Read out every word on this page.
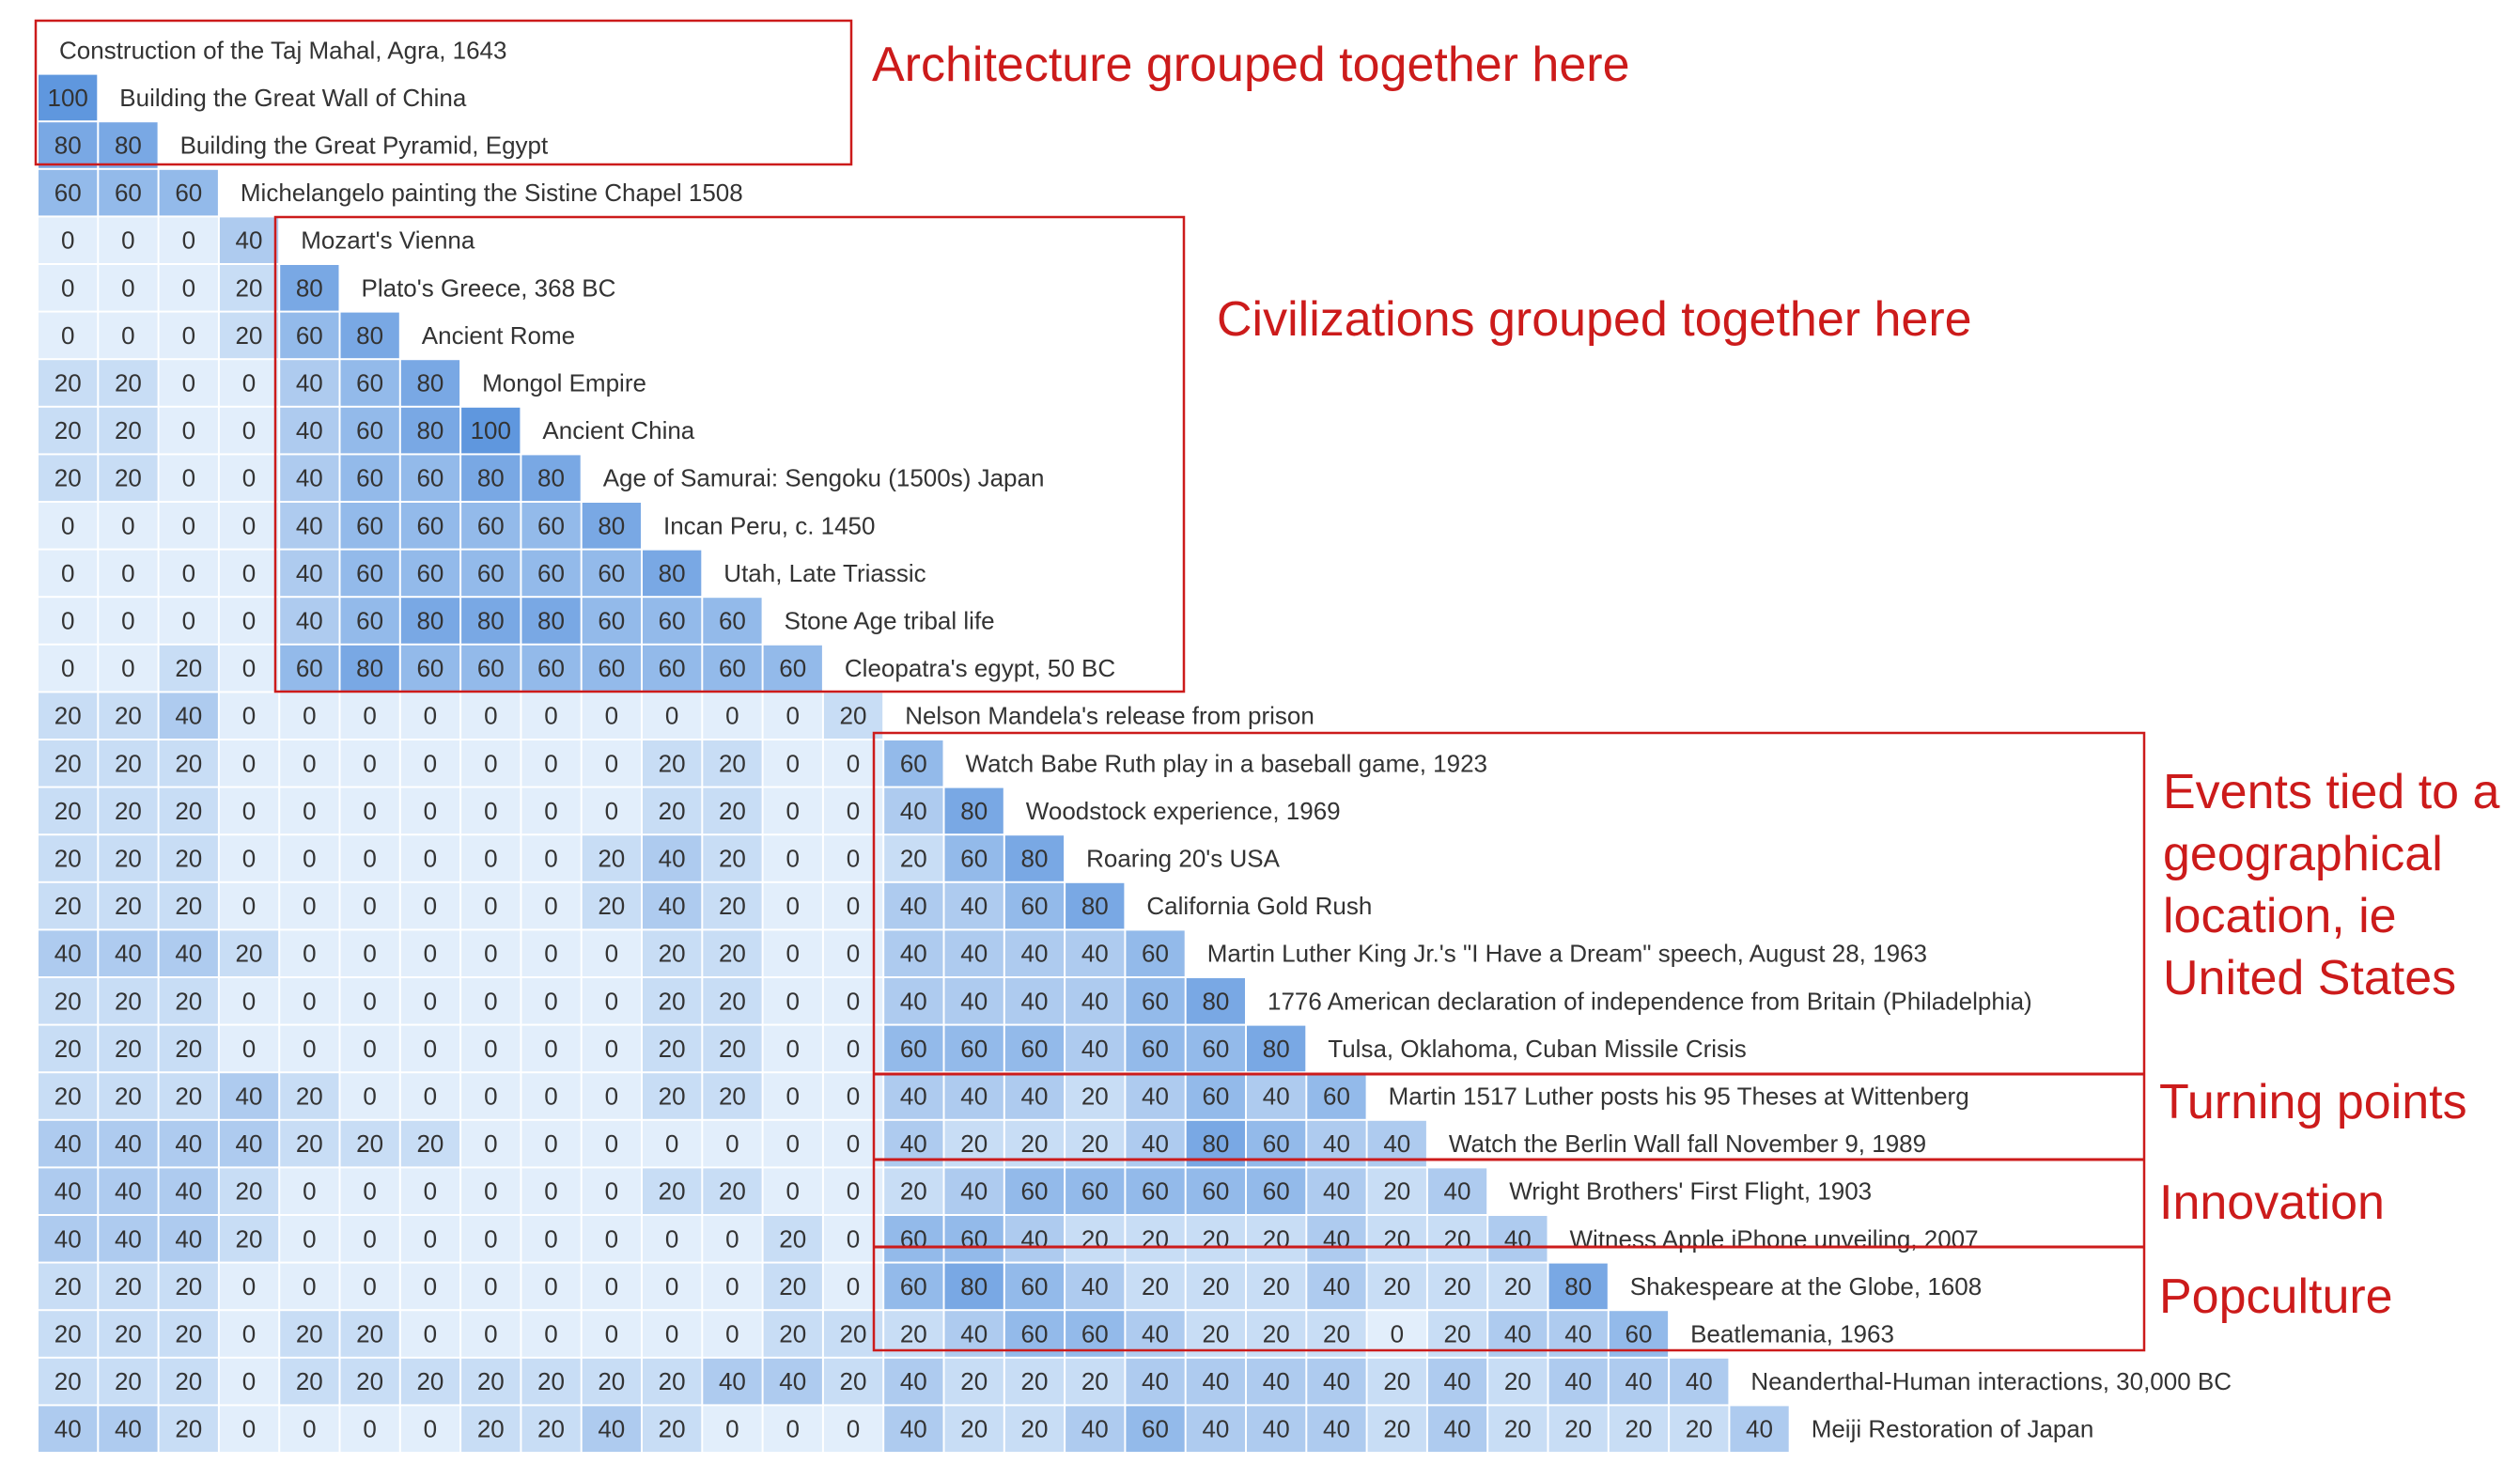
100
80 80
60 60 60
0 0 0 40
0 0 0 20 80
0 0 0 20 60 80
20 20 0 0 40 60 80
20 20 0 0 40 60 80 100
20 20 0 0 40 60 60 80 80
0 0 0 0 40 60 60 60 60 80
0 0 0 0 40 60 60 60 60 60 80
0 0 0 0 40 60 80 80 80 60 60 60
0 0 20 0 60 80 60 60 60 60 60 60 60
20 20 40 0 0 0 0 0 0 0 0 0 0 20
20 20 20 0 0 0 0 0 0 0 20 20 0 0 60
20 20 20 0 0 0 0 0 0 0 20 20 0 0 40 80
20 20 20 0 0 0 0 0 0 20 40 20 0 0 20 60 80
20 20 20 0 0 0 0 0 0 20 40 20 0 0 40 40 60 80
40 40 40 20 0 0 0 0 0 0 20 20 0 0 40 40 40 40 60
20 20 20 0 0 0 0 0 0 0 20 20 0 0 40 40 40 40 60 80
20 20 20 0 0 0 0 0 0 0 20 20 0 0 60 60 60 40 60 60 80
20 20 20 40 20 0 0 0 0 0 20 20 0 0 40 40 40 20 40 60 40 60
40 40 40 40 20 20 20 0 0 0 0 0 0 0 40 20 20 20 40 80 60 40 40
40 40 40 20 0 0 0 0 0 0 20 20 0 0 20 40 60 60 60 60 60 40 20 40
40 40 40 20 0 0 0 0 0 0 0 0 20 0 60 60 40 20 20 20 20 40 20 20 40
20 20 20 0 0 0 0 0 0 0 0 0 20 0 60 80 60 40 20 20 20 40 20 20 20 80
20 20 20 0 20 20 0 0 0 0 0 0 20 20 20 40 60 60 40 20 20 20 0 20 40 40 60
20 20 20 0 20 20 20 20 20 20 20 40 40 20 40 20 20 20 40 40 40 40 20 40 20 40 40 40
40 40 20 0 0 0 0 20 20 40 20 0 0 0 40 20 20 40 60 40 40 40 20 40 20 20 20 20 40
Construction of the Taj Mahal, Agra, 1643
Building the Great Wall of China
Building the Great Pyramid, Egypt
Michelangelo painting the Sistine Chapel 1508
Mozart's Vienna
Plato's Greece, 368 BC
Ancient Rome
Mongol Empire
Ancient China
Age of Samurai: Sengoku (1500s) Japan
Incan Peru, c. 1450
Utah, Late Triassic
Stone Age tribal life
Cleopatra's egypt, 50 BC
Nelson Mandela's release from prison
Watch Babe Ruth play in a baseball game, 1923
Woodstock experience, 1969
Roaring 20's USA
California Gold Rush
Martin Luther King Jr.'s "I Have a Dream" speech, August 28, 1963
1776 American declaration of independence from Britain (Philadelphia)
Tulsa, Oklahoma, Cuban Missile Crisis
Martin 1517 Luther posts his 95 Theses at Wittenberg
Watch the Berlin Wall fall November 9, 1989
Wright Brothers' First Flight, 1903
Witness Apple iPhone unveiling, 2007
Shakespeare at the Globe, 1608
Beatlemania, 1963
Neanderthal-Human interactions, 30,000 BC
Meiji Restoration of Japan
Architecture grouped together here
Civilizations grouped together here
Events tied to a geographical location, ie United States
Turning points
Innovation
Popculture
